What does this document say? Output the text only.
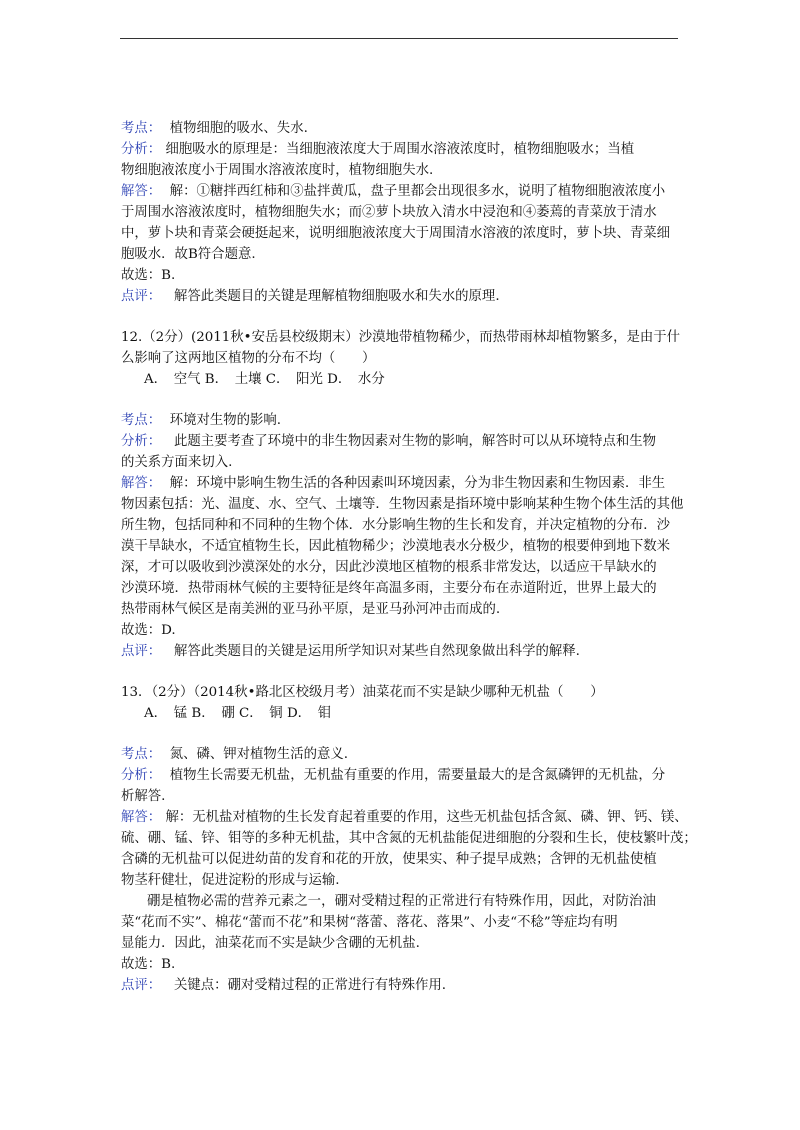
考点： 植物细胞的吸水、失水.
分析： 细胞吸水的原理是：当细胞液浓度大于周围水溶液浓度时，植物细胞吸水；当植
物细胞液浓度小于周围水溶液浓度时，植物细胞失水.
解答： 解：①糖拌西红柿和③盐拌黄瓜，盘子里都会出现很多水，说明了植物细胞液浓度小
于周围水溶液浓度时，植物细胞失水；而②萝卜块放入清水中浸泡和④萎蔫的青菜放于清水
中，萝卜块和青菜会硬挺起来，说明细胞液浓度大于周围清水溶液的浓度时，萝卜块、青菜细
胞吸水．故B符合题意.
故选：B.
点评： 解答此类题目的关键是理解植物细胞吸水和失水的原理.
12.（2分）(2011秋•安岳县校级期末）沙漠地带植物稀少，而热带雨林却植物繁多，是由于什
么影响了这两地区植物的分布不均（　　）
A．　空气 B．　土壤 C．　阳光 D．　水分
考点： 环境对生物的影响.
分析： 此题主要考查了环境中的非生物因素对生物的影响，解答时可以从环境特点和生物
的关系方面来切入.
解答： 解：环境中影响生物生活的各种因素叫环境因素，分为非生物因素和生物因素．非生
物因素包括：光、温度、水、空气、土壤等．生物因素是指环境中影响某种生物个体生活的其他
所生物，包括同种和不同种的生物个体．水分影响生物的生长和发育，并决定植物的分布．沙
漠干旱缺水，不适宜植物生长，因此植物稀少；沙漠地表水分极少，植物的根要伸到地下数米
深，才可以吸收到沙漠深处的水分，因此沙漠地区植物的根系非常发达，以适应干旱缺水的
沙漠环境．热带雨林气候的主要特征是终年高温多雨，主要分布在赤道附近，世界上最大的
热带雨林气候区是南美洲的亚马孙平原，是亚马孙河冲击而成的.
故选：D.
点评： 解答此类题目的关键是运用所学知识对某些自然现象做出科学的解释.
13．（2分）（2014秋•路北区校级月考）油菜花而不实是缺少哪种无机盐（　　）
A．　锰 B．　硼 C．　铜 D．　钼
考点： 氮、磷、钾对植物生活的意义.
分析： 植物生长需要无机盐，无机盐有重要的作用，需要量最大的是含氮磷钾的无机盐，分
析解答.
解答： 解：无机盐对植物的生长发育起着重要的作用，这些无机盐包括含氮、磷、钾、钙、镁、
硫、硼、锰、锌、钼等的多种无机盐，其中含氮的无机盐能促进细胞的分裂和生长，使枝繁叶茂；
含磷的无机盐可以促进幼苗的发育和花的开放，使果实、种子提早成熟；含钾的无机盐使植
物茎秆健壮，促进淀粉的形成与运输.
硼是植物必需的营养元素之一，硼对受精过程的正常进行有特殊作用，因此，对防治油
菜“花而不实”、棉花“蕾而不花”和果树“落蕾、落花、落果”、小麦“不稔”等症均有明
显能力．因此，油菜花而不实是缺少含硼的无机盐.
故选：B.
点评： 关键点：硼对受精过程的正常进行有特殊作用.
